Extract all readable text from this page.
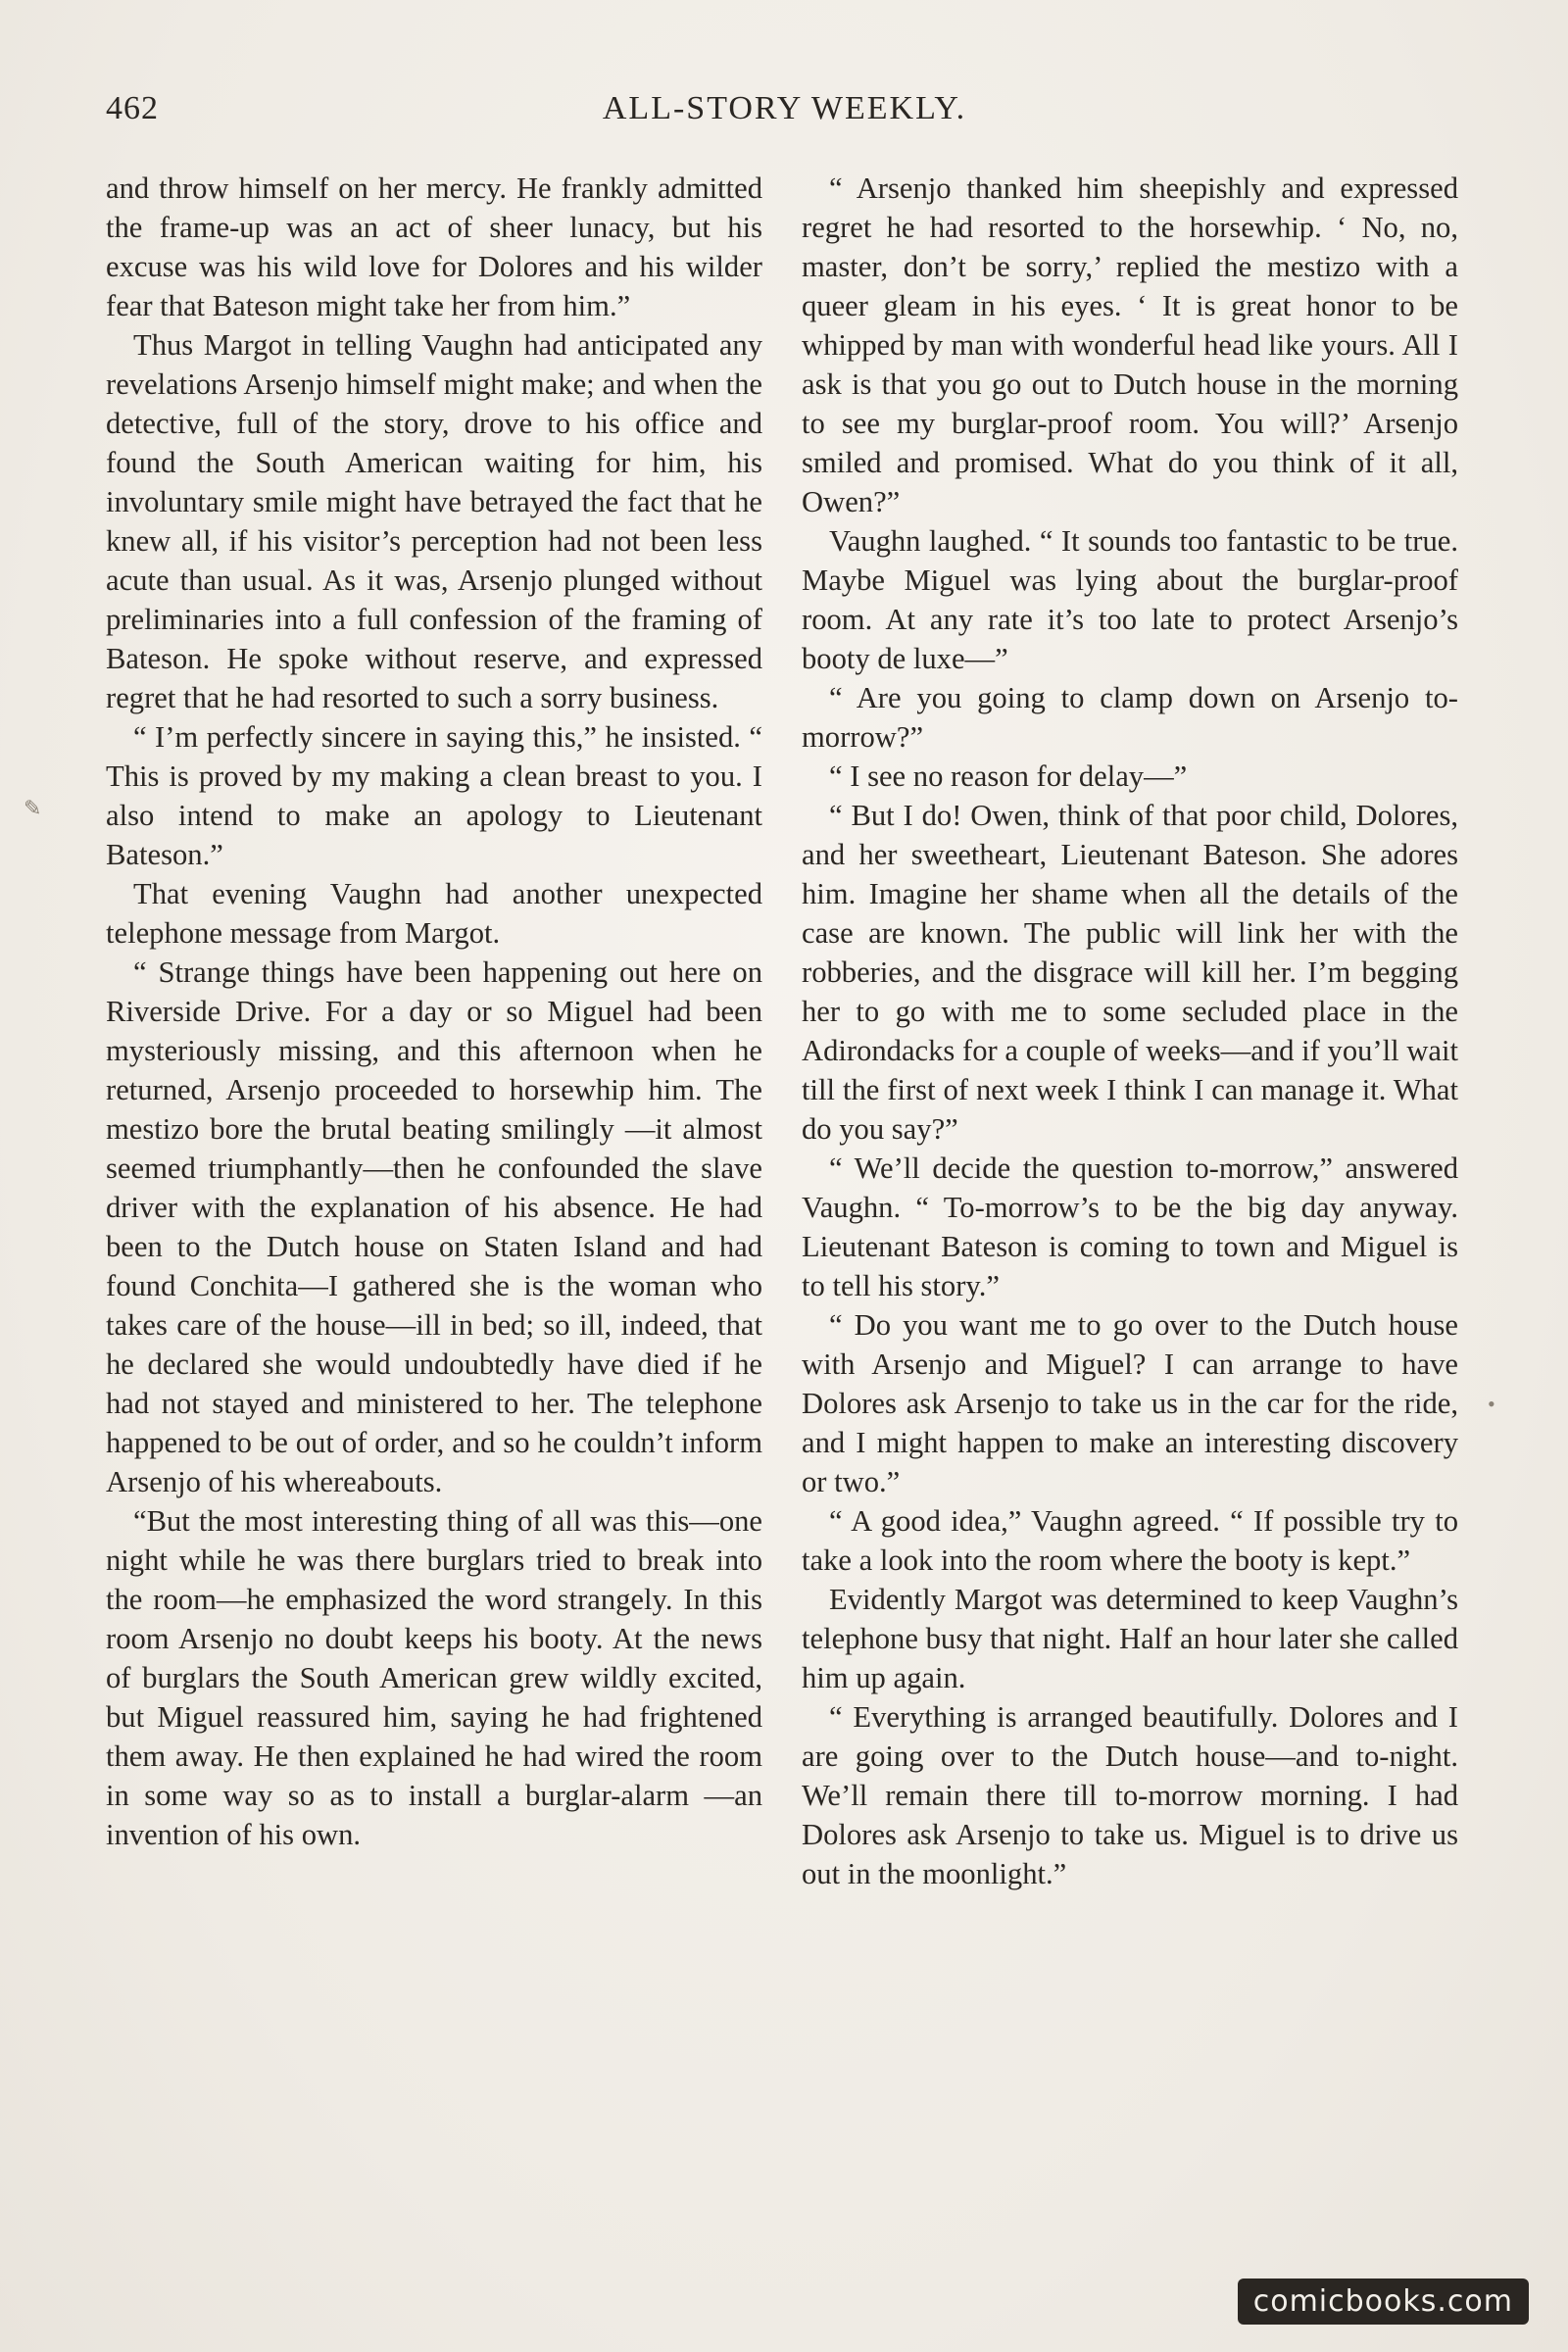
462	ALL-STORY WEEKLY.

and throw himself on her mercy. He frankly admitted the frame-up was an act of sheer lunacy, but his excuse was his wild love for Dolores and his wilder fear that Bateson might take her from him.”

Thus Margot in telling Vaughn had anticipated any revelations Arsenjo himself might make; and when the detective, full of the story, drove to his office and found the South American waiting for him, his involuntary smile might have betrayed the fact that he knew all, if his visitor’s perception had not been less acute than usual. As it was, Arsenjo plunged without preliminaries into a full confession of the framing of Bateson. He spoke without reserve, and expressed regret that he had resorted to such a sorry business.

“ I’m perfectly sincere in saying this,” he insisted. “ This is proved by my making a clean breast to you. I also intend to make an apology to Lieutenant Bateson.”

That evening Vaughn had another unexpected telephone message from Margot.

“ Strange things have been happening out here on Riverside Drive. For a day or so Miguel had been mysteriously missing, and this afternoon when he returned, Arsenjo proceeded to horsewhip him. The mestizo bore the brutal beating smilingly —it almost seemed triumphantly—then he confounded the slave driver with the explanation of his absence. He had been to the Dutch house on Staten Island and had found Conchita—I gathered she is the woman who takes care of the house—ill in bed; so ill, indeed, that he declared she would undoubtedly have died if he had not stayed and ministered to her. The telephone happened to be out of order, and so he couldn’t inform Arsenjo of his whereabouts.

“But the most interesting thing of all was this—one night while he was there burglars tried to break into the room—he emphasized the word strangely. In this room Arsenjo no doubt keeps his booty. At the news of burglars the South American grew wildly excited, but Miguel reassured him, saying he had frightened them away. He then explained he had wired the room in some way so as to install a burglar-alarm —an invention of his own.

“ Arsenjo thanked him sheepishly and expressed regret he had resorted to the horsewhip. ‘ No, no, master, don’t be sorry,’ replied the mestizo with a queer gleam in his eyes. ‘ It is great honor to be whipped by man with wonderful head like yours. All I ask is that you go out to Dutch house in the morning to see my burglar-proof room. You will?’ Arsenjo smiled and promised. What do you think of it all, Owen?”

Vaughn laughed. “ It sounds too fantastic to be true. Maybe Miguel was lying about the burglar-proof room. At any rate it’s too late to protect Arsenjo’s booty de luxe—”

“ Are you going to clamp down on Arsenjo to-morrow?”

“ I see no reason for delay—”

“ But I do! Owen, think of that poor child, Dolores, and her sweetheart, Lieutenant Bateson. She adores him. Imagine her shame when all the details of the case are known. The public will link her with the robberies, and the disgrace will kill her. I’m begging her to go with me to some secluded place in the Adirondacks for a couple of weeks—and if you’ll wait till the first of next week I think I can manage it. What do you say?”

“ We’ll decide the question to-morrow,” answered Vaughn. “ To-morrow’s to be the big day anyway. Lieutenant Bateson is coming to town and Miguel is to tell his story.”

“ Do you want me to go over to the Dutch house with Arsenjo and Miguel? I can arrange to have Dolores ask Arsenjo to take us in the car for the ride, and I might happen to make an interesting discovery or two.”

“ A good idea,” Vaughn agreed. “ If possible try to take a look into the room where the booty is kept.”

Evidently Margot was determined to keep Vaughn’s telephone busy that night. Half an hour later she called him up again.

“ Everything is arranged beautifully. Dolores and I are going over to the Dutch house—and to-night. We’ll remain there till to-morrow morning. I had Dolores ask Arsenjo to take us. Miguel is to drive us out in the moonlight.”

✎
•
comicbooks.com
